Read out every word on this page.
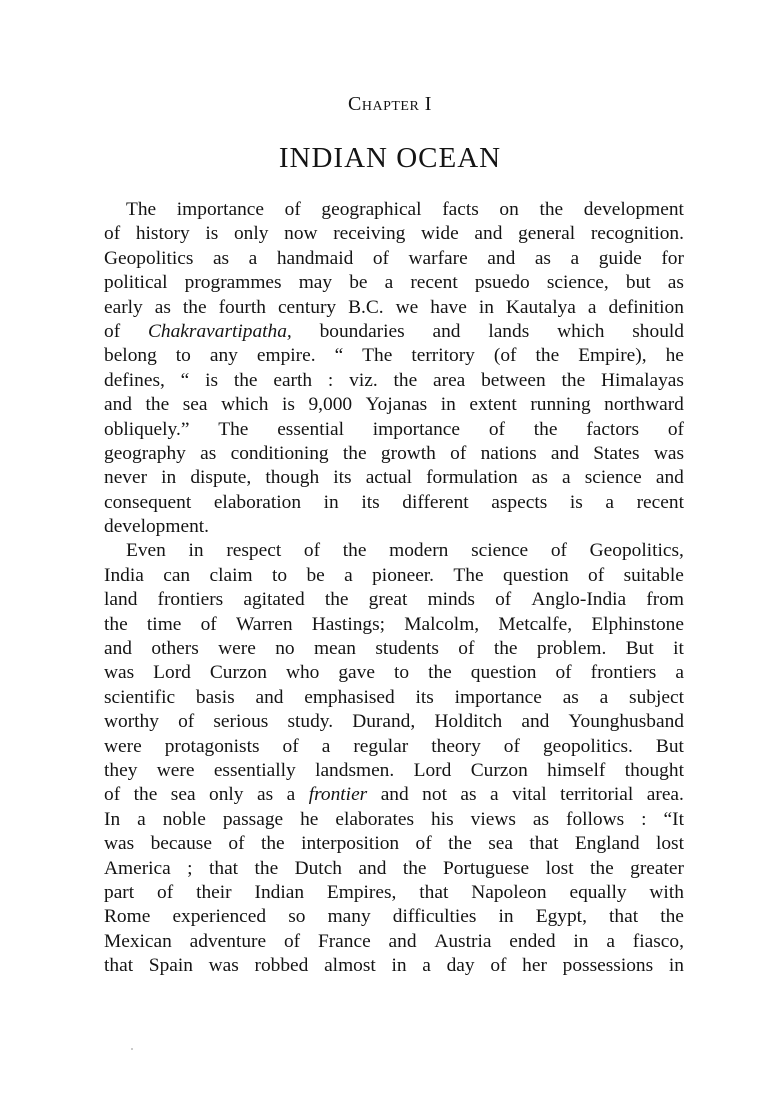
Chapter I
INDIAN OCEAN
The importance of geographical facts on the development
of history is only now receiving wide and general recognition.
Geopolitics as a handmaid of warfare and as a guide for
political programmes may be a recent psuedo science, but as
early as the fourth century B.C. we have in Kautalya a definition
of Chakravartipatha, boundaries and lands which should
belong to any empire. “ The territory (of the Empire), he
defines, “ is the earth : viz. the area between the Himalayas
and the sea which is 9,000 Yojanas in extent running northward
obliquely.” The essential importance of the factors of
geography as conditioning the growth of nations and States was
never in dispute, though its actual formulation as a science and
consequent elaboration in its different aspects is a recent
development.
Even in respect of the modern science of Geopolitics,
India can claim to be a pioneer. The question of suitable
land frontiers agitated the great minds of Anglo-India from
the time of Warren Hastings; Malcolm, Metcalfe, Elphinstone
and others were no mean students of the problem. But it
was Lord Curzon who gave to the question of frontiers a
scientific basis and emphasised its importance as a subject
worthy of serious study. Durand, Holditch and Younghusband
were protagonists of a regular theory of geopolitics. But
they were essentially landsmen. Lord Curzon himself thought
of the sea only as a frontier and not as a vital territorial area.
In a noble passage he elaborates his views as follows : “It
was because of the interposition of the sea that England lost
America ; that the Dutch and the Portuguese lost the greater
part of their Indian Empires, that Napoleon equally with
Rome experienced so many difficulties in Egypt, that the
Mexican adventure of France and Austria ended in a fiasco,
that Spain was robbed almost in a day of her possessions in
